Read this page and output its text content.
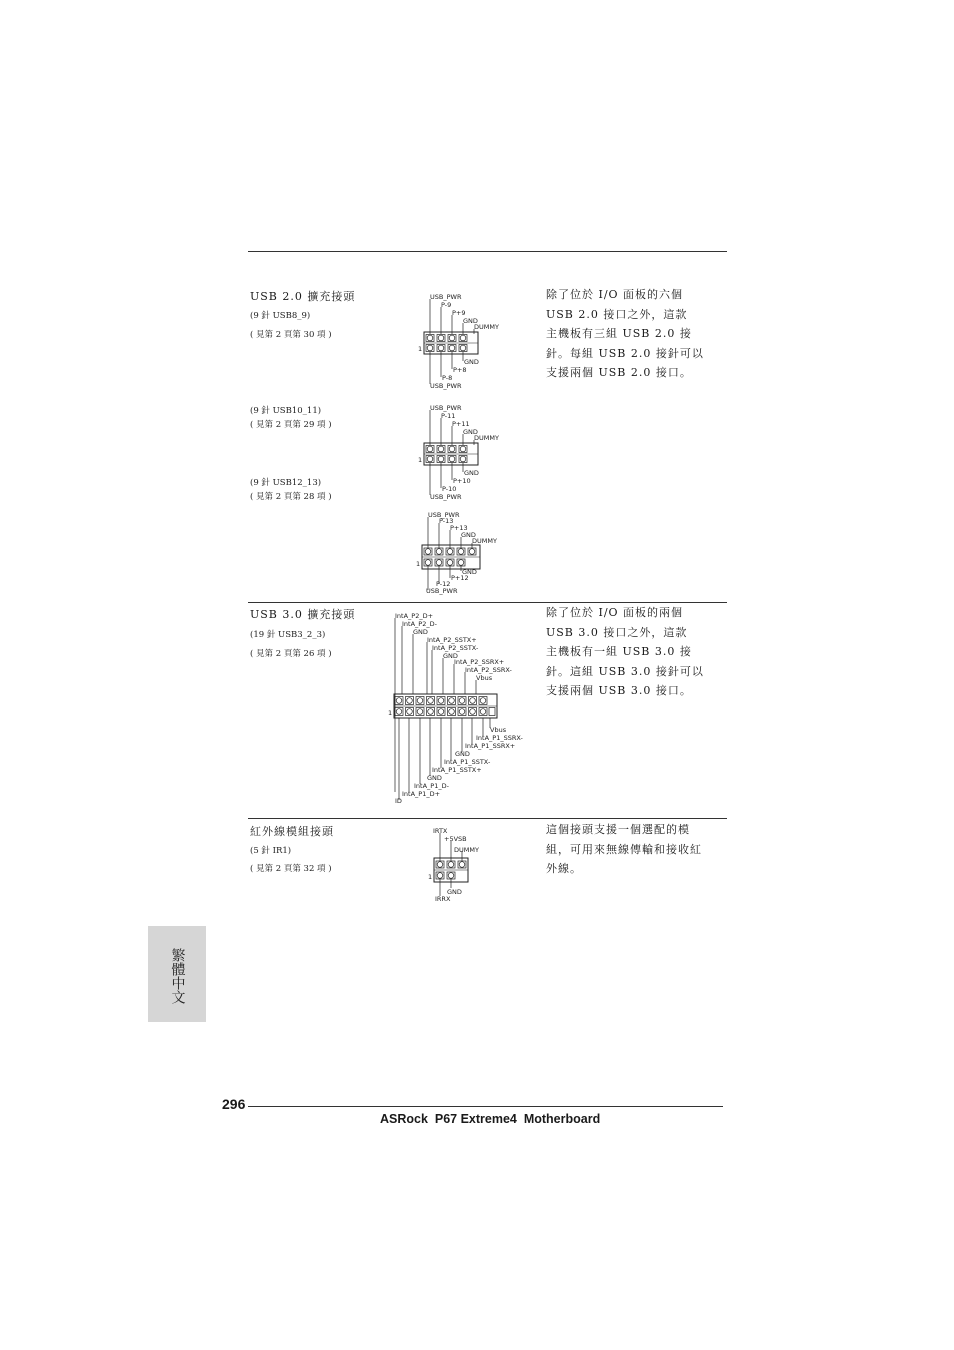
USB 2.0 擴充接頭
(9 針 USB8_9)
( 見第 2 頁第 30 項 )
(9 針 USB10_11)
( 見第 2 頁第 29 項 )
(9 針 USB12_13)
( 見第 2 頁第 28 項 )
除了位於 I/O 面板的六個
USB 2.0 接口之外，這款
主機板有三組 USB 2.0 接
針。每組 USB 2.0 接針可以
支援兩個 USB 2.0 接口。
USB_PWR
P-9
P+9
GND
DUMMY
GND
P+8
P-8
USB_PWR
1
USB_PWR
P-11
P+11
GND
DUMMY
GND
P+10
P-10
USB_PWR
1
USB_PWR
P-13
P+13
GND
DUMMY
GND
P+12
P-12
USB_PWR
1
USB 3.0 擴充接頭
(19 針 USB3_2_3)
( 見第 2 頁第 26 項 )
除了位於 I/O 面板的兩個
USB 3.0 接口之外，這款
主機板有一組 USB 3.0 接
針。這組 USB 3.0 接針可以
支援兩個 USB 3.0 接口。
IntA_P2_D+
IntA_P2_D-
GND
IntA_P2_SSTX+
IntA_P2_SSTX-
GND
IntA_P2_SSRX+
IntA_P2_SSRX-
Vbus
Vbus
IntA_P1_SSRX-
IntA_P1_SSRX+
GND
IntA_P1_SSTX-
IntA_P1_SSTX+
GND
IntA_P1_D-
IntA_P1_D+
ID
1
紅外線模組接頭
(5 針 IR1)
( 見第 2 頁第 32 項 )
這個接頭支援一個選配的模
組，可用來無線傳輸和接收紅
外線。
IRTX
+5VSB
DUMMY
GND
IRRX
1
繁體中文
296
ASRock  P67 Extreme4  Motherboard
